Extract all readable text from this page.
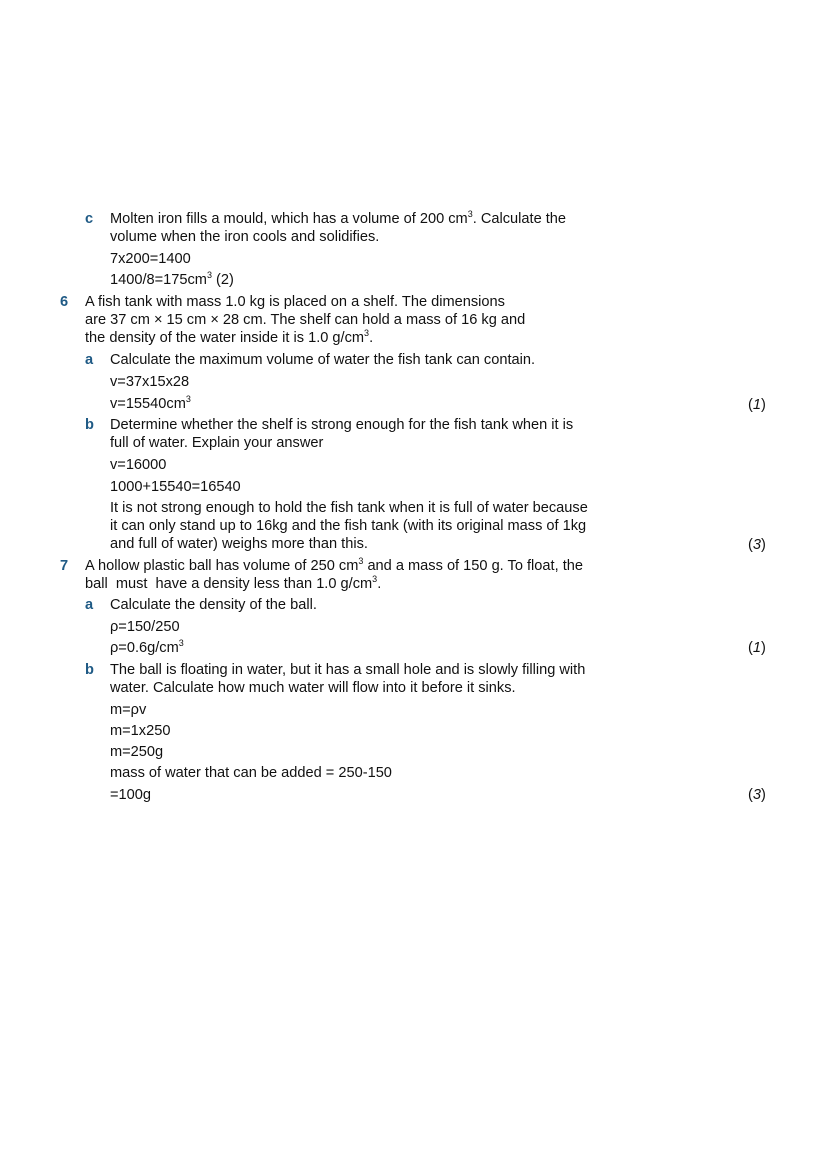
c Molten iron fills a mould, which has a volume of 200 $cm^3$. Calculate the
volume when the iron cools and solidifies.
7x200=1400
$1400/8=175cm^3$ (2)
6 A fish tank with mass 1.0 kg is placed on a shelf. The dimensions
are 37 cm × 15 cm × 28 cm. The shelf can hold a mass of 16 kg and
the density of the water inside it is 1.0 $g/cm^3$.
a Calculate the maximum volume of water the fish tank can contain.
v=37x15x28
$v=15540cm^3$	(1)
b Determine whether the shelf is strong enough for the fish tank when it is
full of water. Explain your answer
v=16000
1000+15540=16540
It is not strong enough to hold the fish tank when it is full of water because
it can only stand up to 16kg and the fish tank (with its original mass of 1kg
and full of water) weighs more than this.	(3)
7 A hollow plastic ball has volume of 250 $cm^3$ and a mass of 150 g. To float, the
ball  must  have a density less than 1.0 $g/cm^3$.
a Calculate the density of the ball.
ρ=150/250
$\rho=0.6g/cm^3$	(1)
b The ball is floating in water, but it has a small hole and is slowly filling with
water. Calculate how much water will flow into it before it sinks.
m=ρv
m=1x250
m=250g
mass of water that can be added = 250-150
=100g	(3)
